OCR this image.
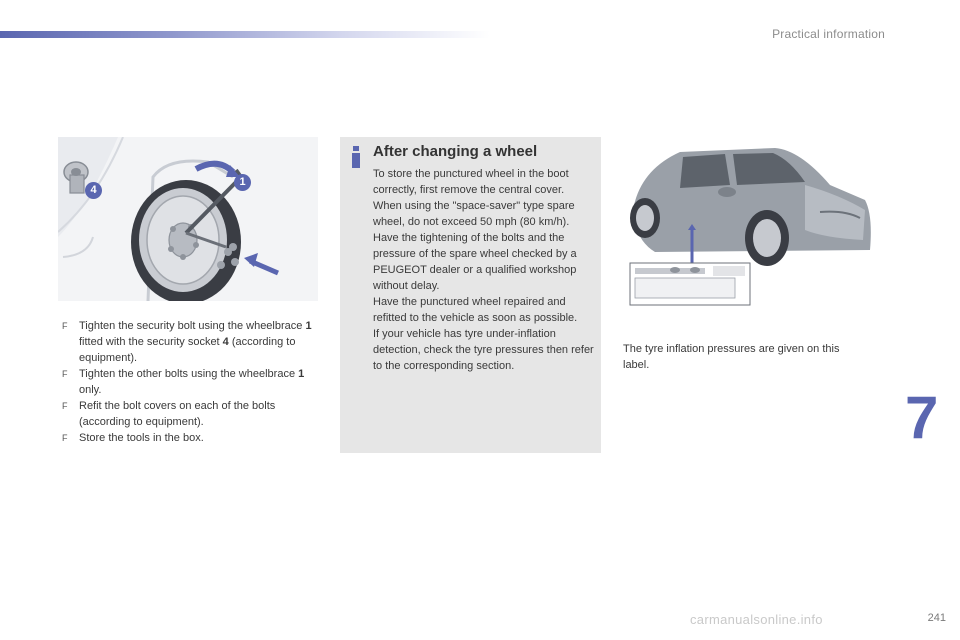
Practical information
1
4
F Tighten the security bolt using the wheelbrace 1 fitted with the security socket 4 (according to equipment).
F Tighten the other bolts using the wheelbrace 1 only.
F Refit the bolt covers on each of the bolts (according to equipment).
F Store the tools in the box.
After changing a wheel

To store the punctured wheel in the boot correctly, first remove the central cover.

When using the "space-saver" type spare wheel, do not exceed 50 mph (80 km/h).

Have the tightening of the bolts and the pressure of the spare wheel checked by a PEUGEOT dealer or a qualified workshop without delay.

Have the punctured wheel repaired and refitted to the vehicle as soon as possible.

If your vehicle has tyre under-inflation detection, check the tyre pressures then refer to the corresponding section.

The tyre inflation pressures are given on this label.
7
carmanualsonline.info	241
